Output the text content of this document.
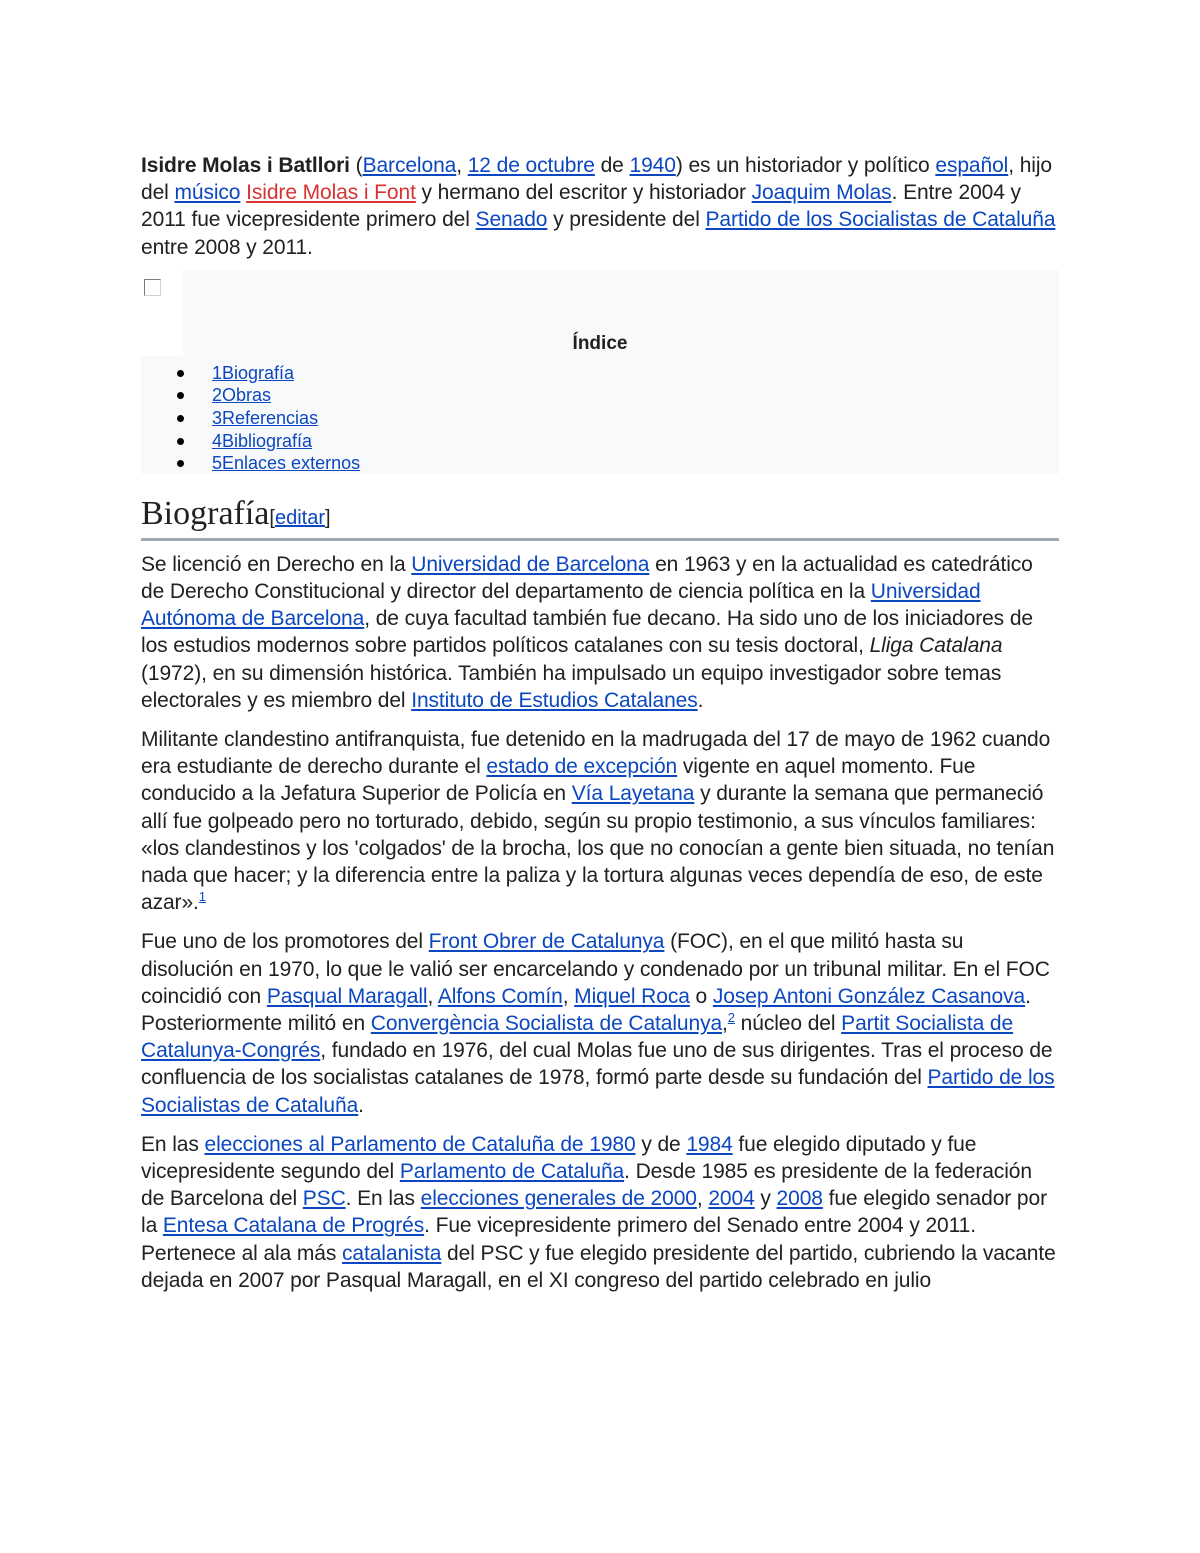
Isidre Molas i Batllori (Barcelona, 12 de octubre de 1940) es un historiador y político español, hijo del músico Isidre Molas i Font y hermano del escritor y historiador Joaquim Molas. Entre 2004 y 2011 fue vicepresidente primero del Senado y presidente del Partido de los Socialistas de Cataluña entre 2008 y 2011.

Índice
1Biografía
2Obras
3Referencias
4Bibliografía
5Enlaces externos
Biografía[editar]

Se licenció en Derecho en la Universidad de Barcelona en 1963 y en la actualidad es catedrático de Derecho Constitucional y director del departamento de ciencia política en la Universidad Autónoma de Barcelona, de cuya facultad también fue decano. Ha sido uno de los iniciadores de los estudios modernos sobre partidos políticos catalanes con su tesis doctoral, Lliga Catalana (1972), en su dimensión histórica. También ha impulsado un equipo investigador sobre temas electorales y es miembro del Instituto de Estudios Catalanes.

Militante clandestino antifranquista, fue detenido en la madrugada del 17 de mayo de 1962 cuando era estudiante de derecho durante el estado de excepción vigente en aquel momento. Fue conducido a la Jefatura Superior de Policía en Vía Layetana y durante la semana que permaneció allí fue golpeado pero no torturado, debido, según su propio testimonio, a sus vínculos familiares: «los clandestinos y los 'colgados' de la brocha, los que no conocían a gente bien situada, no tenían nada que hacer; y la diferencia entre la paliza y la tortura algunas veces dependía de eso, de este azar».$^1$

Fue uno de los promotores del Front Obrer de Catalunya (FOC), en el que militó hasta su disolución en 1970, lo que le valió ser encarcelando y condenado por un tribunal militar. En el FOC coincidió con Pasqual Maragall, Alfons Comín, Miquel Roca o Josep Antoni González Casanova. Posteriormente militó en Convergència Socialista de Catalunya,$^2$ núcleo del Partit Socialista de Catalunya-Congrés, fundado en 1976, del cual Molas fue uno de sus dirigentes. Tras el proceso de confluencia de los socialistas catalanes de 1978, formó parte desde su fundación del Partido de los Socialistas de Cataluña.

En las elecciones al Parlamento de Cataluña de 1980 y de 1984 fue elegido diputado y fue vicepresidente segundo del Parlamento de Cataluña. Desde 1985 es presidente de la federación de Barcelona del PSC. En las elecciones generales de 2000, 2004 y 2008 fue elegido senador por la Entesa Catalana de Progrés. Fue vicepresidente primero del Senado entre 2004 y 2011. Pertenece al ala más catalanista del PSC y fue elegido presidente del partido, cubriendo la vacante dejada en 2007 por Pasqual Maragall, en el XI congreso del partido celebrado en julio
